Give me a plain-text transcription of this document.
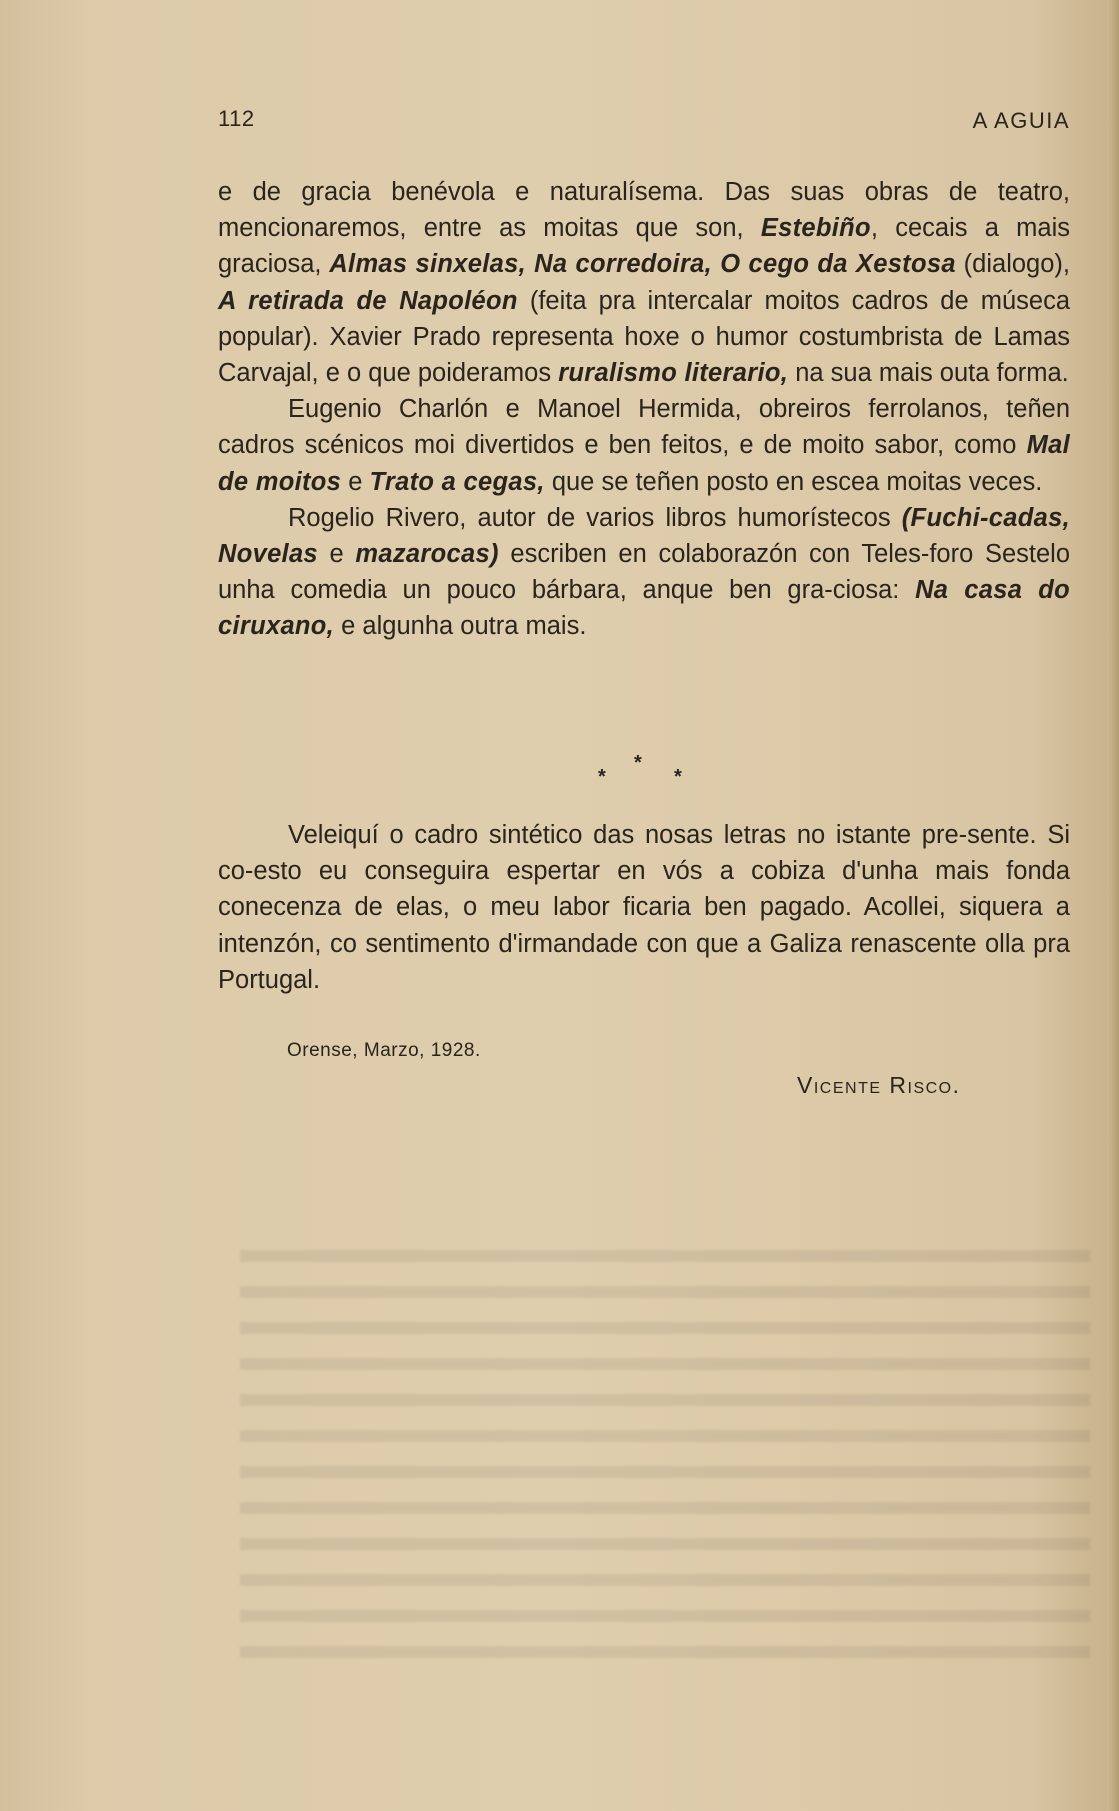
112	A AGUIA

e de gracia benévola e naturalísema. Das suas obras de teatro, mencionaremos, entre as moitas que son, Estebiño, cecais a mais graciosa, Almas sinxelas, Na corredoira, O cego da Xestosa (dialogo), A retirada de Napoléon (feita pra intercalar moitos cadros de múseca popular). Xavier Prado representa hoxe o humor costumbrista de Lamas Carvajal, e o que poideramos ruralismo literario, na sua mais outa forma.

Eugenio Charlón e Manoel Hermida, obreiros ferrolanos, teñen cadros scénicos moi divertidos e ben feitos, e de moito sabor, como Mal de moitos e Trato a cegas, que se teñen posto en escea moitas veces.

Rogelio Rivero, autor de varios libros humorístecos (Fuchi-cadas, Novelas e mazarocas) escriben en colaborazón con Teles-foro Sestelo unha comedia un pouco bárbara, anque ben gra-ciosa: Na casa do ciruxano, e algunha outra mais.

*
*	*

Veleiquí o cadro sintético das nosas letras no istante pre-sente. Si co-esto eu conseguira espertar en vós a cobiza d'unha mais fonda conecenza de elas, o meu labor ficaria ben pagado. Acollei, siquera a intenzón, co sentimento d'irmandade con que a Galiza renascente olla pra Portugal.

Orense, Marzo, 1928.
Vicente Risco.
